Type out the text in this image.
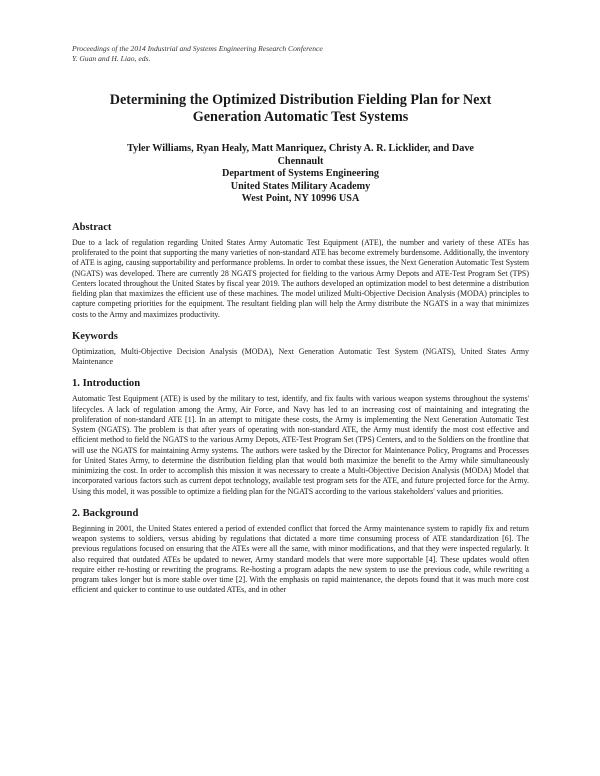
Proceedings of the 2014 Industrial and Systems Engineering Research Conference
Y. Guan and H. Liao, eds.
Determining the Optimized Distribution Fielding Plan for Next
Generation Automatic Test Systems
Tyler Williams, Ryan Healy, Matt Manriquez, Christy A. R. Licklider, and Dave
Chennault
Department of Systems Engineering
United States Military Academy
West Point, NY 10996 USA
Abstract
Due to a lack of regulation regarding United States Army Automatic Test Equipment (ATE), the number and variety of these ATEs has proliferated to the point that supporting the many varieties of non-standard ATE has become extremely burdensome. Additionally, the inventory of ATE is aging, causing supportability and performance problems. In order to combat these issues, the Next Generation Automatic Test System (NGATS) was developed. There are currently 28 NGATS projected for fielding to the various Army Depots and ATE-Test Program Set (TPS) Centers located throughout the United States by fiscal year 2019. The authors developed an optimization model to best determine a distribution fielding plan that maximizes the efficient use of these machines. The model utilized Multi-Objective Decision Analysis (MODA) principles to capture competing priorities for the equipment. The resultant fielding plan will help the Army distribute the NGATS in a way that minimizes costs to the Army and maximizes productivity.
Keywords
Optimization, Multi-Objective Decision Analysis (MODA), Next Generation Automatic Test System (NGATS), United States Army Maintenance
1. Introduction
Automatic Test Equipment (ATE) is used by the military to test, identify, and fix faults with various weapon systems throughout the systems' lifecycles. A lack of regulation among the Army, Air Force, and Navy has led to an increasing cost of maintaining and integrating the proliferation of non-standard ATE [1]. In an attempt to mitigate these costs, the Army is implementing the Next Generation Automatic Test System (NGATS). The problem is that after years of operating with non-standard ATE, the Army must identify the most cost effective and efficient method to field the NGATS to the various Army Depots, ATE-Test Program Set (TPS) Centers, and to the Soldiers on the frontline that will use the NGATS for maintaining Army systems. The authors were tasked by the Director for Maintenance Policy, Programs and Processes for United States Army, to determine the distribution fielding plan that would both maximize the benefit to the Army while simultaneously minimizing the cost. In order to accomplish this mission it was necessary to create a Multi-Objective Decision Analysis (MODA) Model that incorporated various factors such as current depot technology, available test program sets for the ATE, and future projected force for the Army. Using this model, it was possible to optimize a fielding plan for the NGATS according to the various stakeholders' values and priorities.
2. Background
Beginning in 2001, the United States entered a period of extended conflict that forced the Army maintenance system to rapidly fix and return weapon systems to soldiers, versus abiding by regulations that dictated a more time consuming process of ATE standardization [6]. The previous regulations focused on ensuring that the ATEs were all the same, with minor modifications, and that they were inspected regularly. It also required that outdated ATEs be updated to newer, Army standard models that were more supportable [4]. These updates would often require either re-hosting or rewriting the programs. Re-hosting a program adapts the new system to use the previous code, while rewriting a program takes longer but is more stable over time [2]. With the emphasis on rapid maintenance, the depots found that it was much more cost efficient and quicker to continue to use outdated ATEs, and in other
